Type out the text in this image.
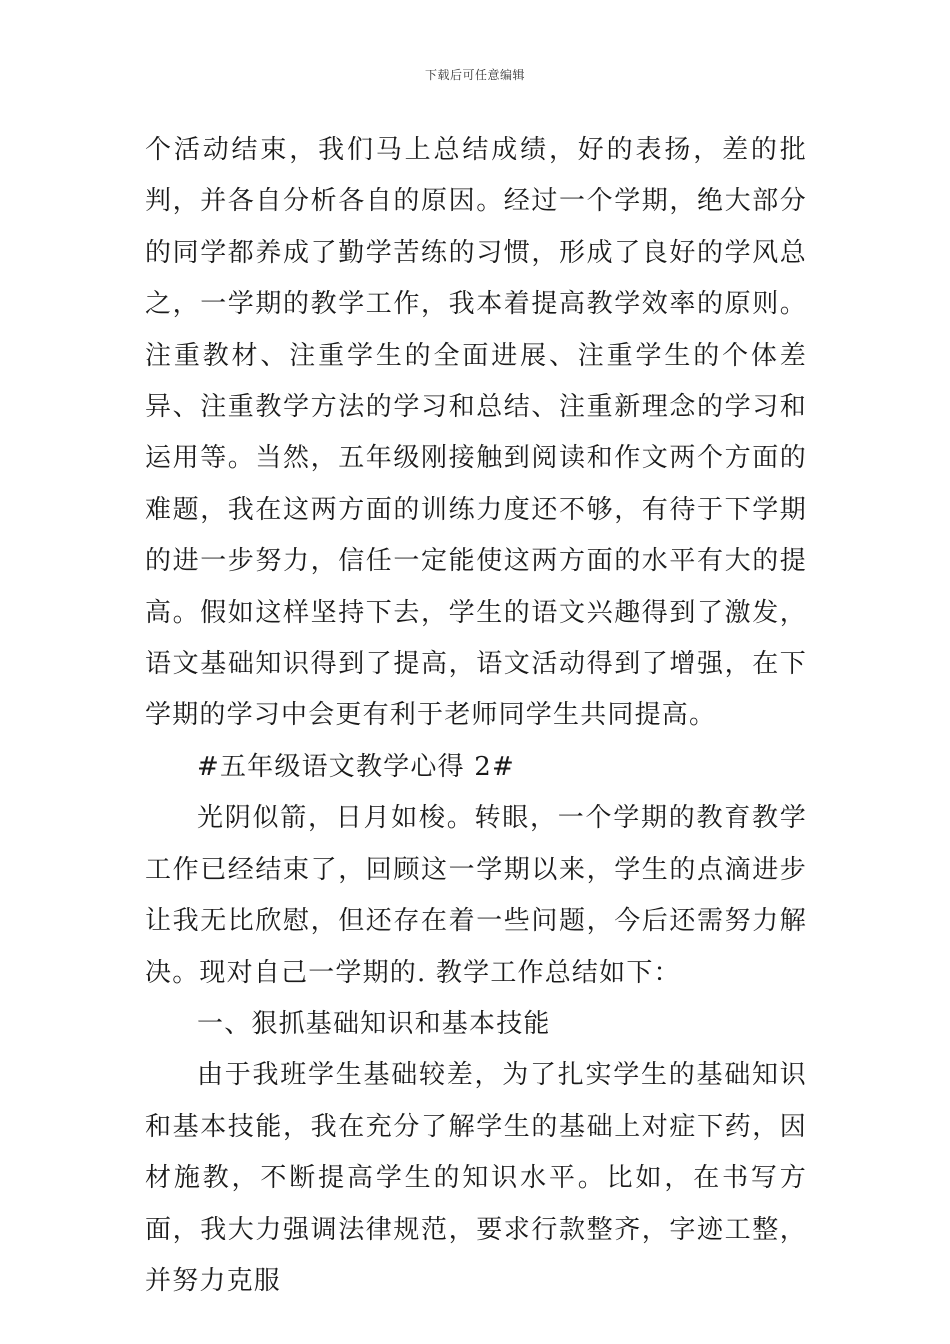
下载后可任意编辑

个活动结束，我们马上总结成绩，好的表扬，差的批判，并各自分析各自的原因。经过一个学期，绝大部分的同学都养成了勤学苦练的习惯，形成了良好的学风总之，一学期的教学工作，我本着提高教学效率的原则。注重教材、注重学生的全面进展、注重学生的个体差异、注重教学方法的学习和总结、注重新理念的学习和运用等。当然，五年级刚接触到阅读和作文两个方面的难题，我在这两方面的训练力度还不够，有待于下学期的进一步努力，信任一定能使这两方面的水平有大的提高。假如这样坚持下去，学生的语文兴趣得到了激发，语文基础知识得到了提高，语文活动得到了增强，在下学期的学习中会更有利于老师同学生共同提高。

#五年级语文教学心得 2#

光阴似箭，日月如梭。转眼，一个学期的教育教学工作已经结束了，回顾这一学期以来，学生的点滴进步让我无比欣慰，但还存在着一些问题，今后还需努力解决。现对自己一学期的. 教学工作总结如下：

一、狠抓基础知识和基本技能

由于我班学生基础较差，为了扎实学生的基础知识和基本技能，我在充分了解学生的基础上对症下药，因材施教，不断提高学生的知识水平。比如，在书写方面，我大力强调法律规范，要求行款整齐，字迹工整，并努力克服
